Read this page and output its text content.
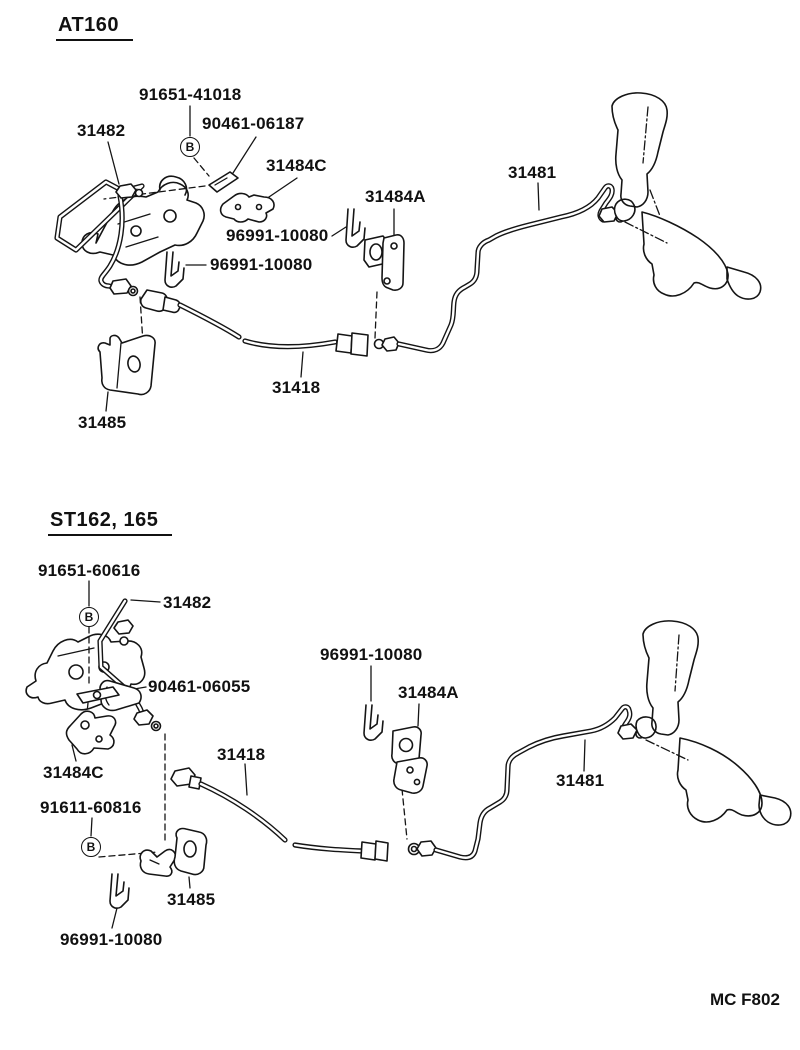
AT160
91651-41018
90461-06187
31482
31484C
31484A
96991-10080
96991-10080
31481
31418
31485
B
ST162, 165
91651-60616
31482
96991-10080
31484A
90461-06055
31484C
31418
91611-60816
31481
31485
96991-10080
B
B
MC F802
